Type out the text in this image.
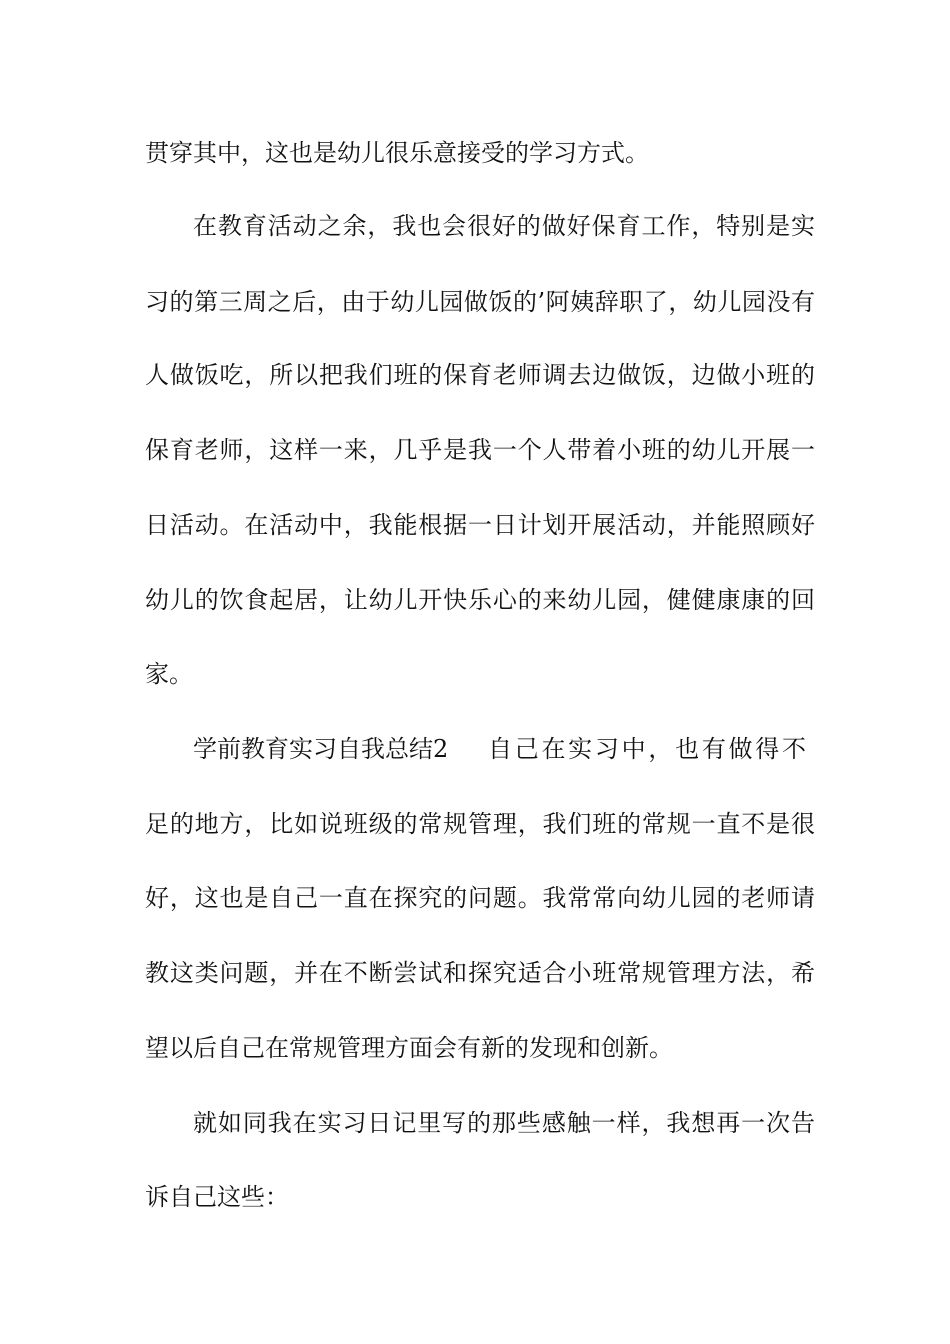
贯穿其中，这也是幼儿很乐意接受的学习方式。
在教育活动之余，我也会很好的做好保育工作，特别是实
习的第三周之后，由于幼儿园做饭的’阿姨辞职了，幼儿园没有
人做饭吃，所以把我们班的保育老师调去边做饭，边做小班的
保育老师，这样一来，几乎是我一个人带着小班的幼儿开展一
日活动。在活动中，我能根据一日计划开展活动，并能照顾好
幼儿的饮食起居，让幼儿开快乐心的来幼儿园，健健康康的回
家。
学前教育实习自我总结2 自己在实习中，也有做得不
足的地方，比如说班级的常规管理，我们班的常规一直不是很
好，这也是自己一直在探究的问题。我常常向幼儿园的老师请
教这类问题，并在不断尝试和探究适合小班常规管理方法，希
望以后自己在常规管理方面会有新的发现和创新。
就如同我在实习日记里写的那些感触一样，我想再一次告
诉自己这些：
